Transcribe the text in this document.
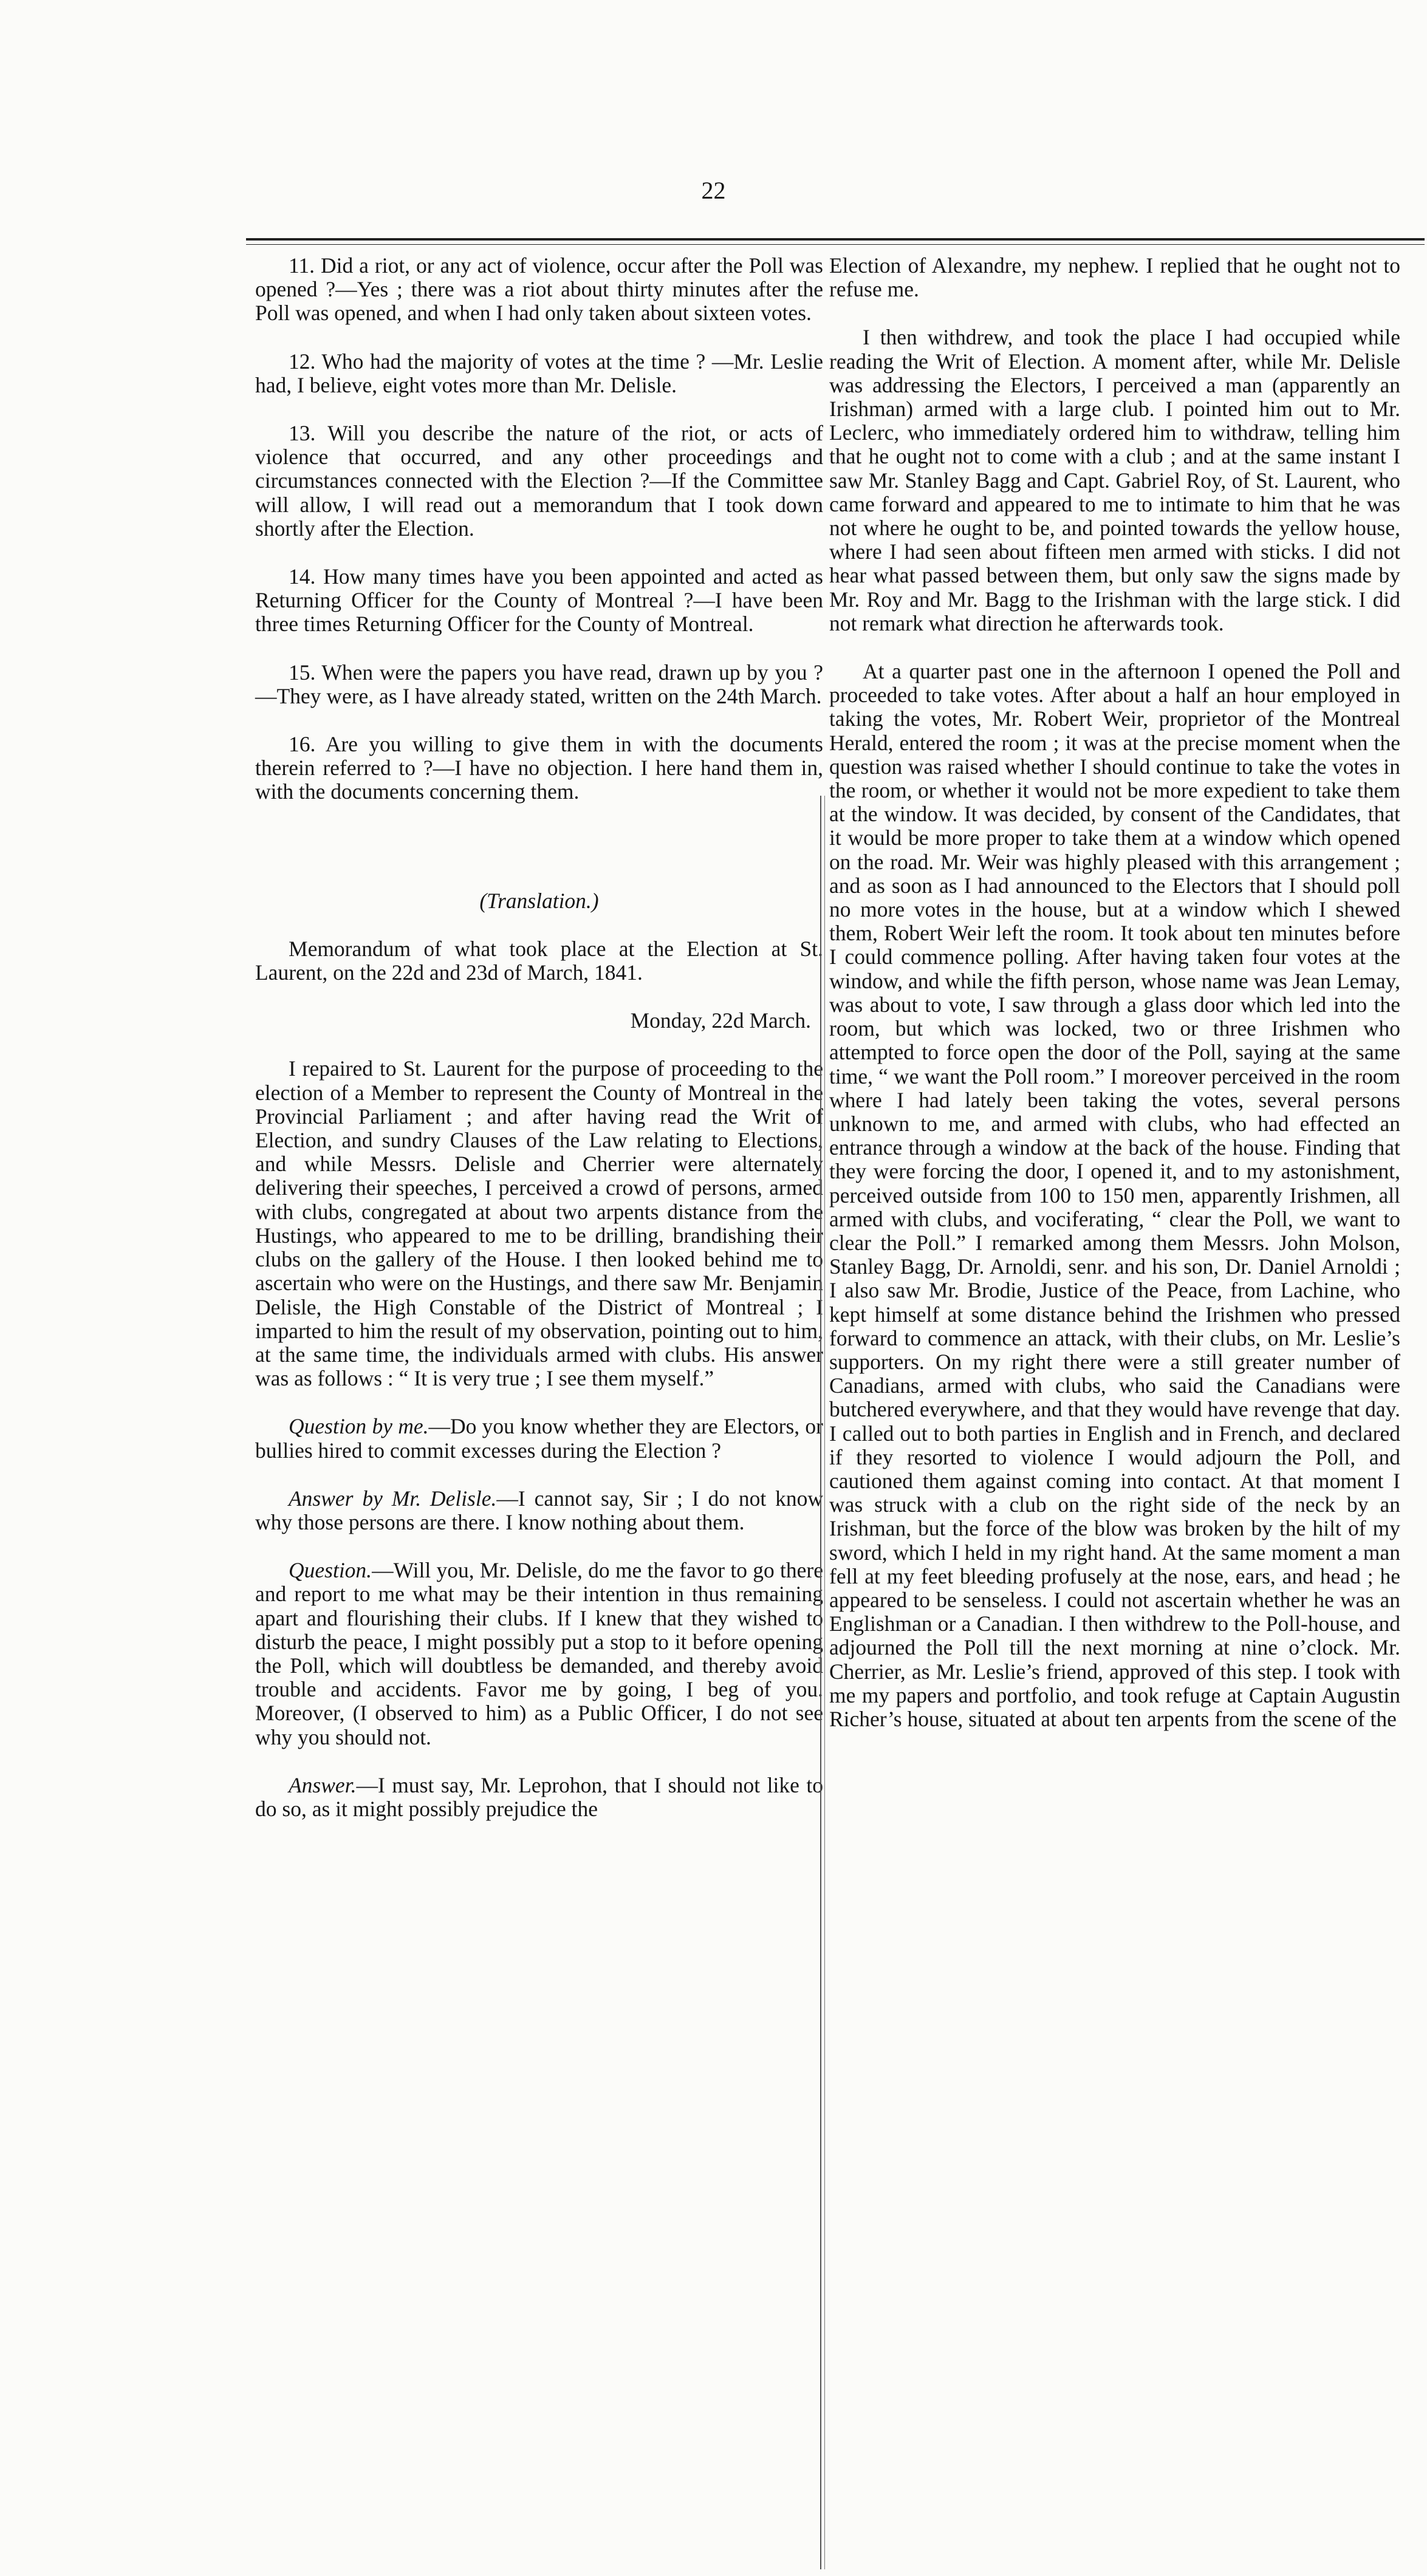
22

11. Did a riot, or any act of violence, occur after the Poll was opened ?—Yes ; there was a riot about thirty minutes after the Poll was opened, and when I had only taken about sixteen votes.

12. Who had the majority of votes at the time ? —Mr. Leslie had, I believe, eight votes more than Mr. Delisle.

13. Will you describe the nature of the riot, or acts of violence that occurred, and any other proceedings and circumstances connected with the Election ?—If the Committee will allow, I will read out a memorandum that I took down shortly after the Election.

14. How many times have you been appointed and acted as Returning Officer for the County of Montreal ?—I have been three times Returning Officer for the County of Montreal.

15. When were the papers you have read, drawn up by you ?—They were, as I have already stated, written on the 24th March.

16. Are you willing to give them in with the documents therein referred to ?—I have no objection. I here hand them in, with the documents concerning them.

(Translation.)

Memorandum of what took place at the Election at St. Laurent, on the 22d and 23d of March, 1841.

Monday, 22d March.

I repaired to St. Laurent for the purpose of proceeding to the election of a Member to represent the County of Montreal in the Provincial Parliament ; and after having read the Writ of Election, and sundry Clauses of the Law relating to Elections, and while Messrs. Delisle and Cherrier were alternately delivering their speeches, I perceived a crowd of persons, armed with clubs, congregated at about two arpents distance from the Hustings, who appeared to me to be drilling, brandishing their clubs on the gallery of the House. I then looked behind me to ascertain who were on the Hustings, and there saw Mr. Benjamin Delisle, the High Constable of the District of Montreal ; I imparted to him the result of my observation, pointing out to him, at the same time, the individuals armed with clubs. His answer was as follows : “ It is very true ; I see them myself.”

Question by me.—Do you know whether they are Electors, or bullies hired to commit excesses during the Election ?

Answer by Mr. Delisle.—I cannot say, Sir ; I do not know why those persons are there. I know nothing about them.

Question.—Will you, Mr. Delisle, do me the favor to go there and report to me what may be their intention in thus remaining apart and flourishing their clubs. If I knew that they wished to disturb the peace, I might possibly put a stop to it before opening the Poll, which will doubtless be demanded, and thereby avoid trouble and accidents. Favor me by going, I beg of you. Moreover, (I observed to him) as a Public Officer, I do not see why you should not.

Answer.—I must say, Mr. Leprohon, that I should not like to do so, as it might possibly prejudice the

Election of Alexandre, my nephew. I replied that he ought not to refuse me.

I then withdrew, and took the place I had occupied while reading the Writ of Election. A moment after, while Mr. Delisle was addressing the Electors, I perceived a man (apparently an Irishman) armed with a large club. I pointed him out to Mr. Leclerc, who immediately ordered him to withdraw, telling him that he ought not to come with a club ; and at the same instant I saw Mr. Stanley Bagg and Capt. Gabriel Roy, of St. Laurent, who came forward and appeared to me to intimate to him that he was not where he ought to be, and pointed towards the yellow house, where I had seen about fifteen men armed with sticks. I did not hear what passed between them, but only saw the signs made by Mr. Roy and Mr. Bagg to the Irishman with the large stick. I did not remark what direction he afterwards took.

At a quarter past one in the afternoon I opened the Poll and proceeded to take votes. After about a half an hour employed in taking the votes, Mr. Robert Weir, proprietor of the Montreal Herald, entered the room ; it was at the precise moment when the question was raised whether I should continue to take the votes in the room, or whether it would not be more expedient to take them at the window. It was decided, by consent of the Candidates, that it would be more proper to take them at a window which opened on the road. Mr. Weir was highly pleased with this arrangement ; and as soon as I had announced to the Electors that I should poll no more votes in the house, but at a window which I shewed them, Robert Weir left the room. It took about ten minutes before I could commence polling. After having taken four votes at the window, and while the fifth person, whose name was Jean Lemay, was about to vote, I saw through a glass door which led into the room, but which was locked, two or three Irishmen who attempted to force open the door of the Poll, saying at the same time, “ we want the Poll room.” I moreover perceived in the room where I had lately been taking the votes, several persons unknown to me, and armed with clubs, who had effected an entrance through a window at the back of the house. Finding that they were forcing the door, I opened it, and to my astonishment, perceived outside from 100 to 150 men, apparently Irishmen, all armed with clubs, and vociferating, “ clear the Poll, we want to clear the Poll.” I remarked among them Messrs. John Molson, Stanley Bagg, Dr. Arnoldi, senr. and his son, Dr. Daniel Arnoldi ; I also saw Mr. Brodie, Justice of the Peace, from Lachine, who kept himself at some distance behind the Irishmen who pressed forward to commence an attack, with their clubs, on Mr. Leslie’s supporters. On my right there were a still greater number of Canadians, armed with clubs, who said the Canadians were butchered everywhere, and that they would have revenge that day. I called out to both parties in English and in French, and declared if they resorted to violence I would adjourn the Poll, and cautioned them against coming into contact. At that moment I was struck with a club on the right side of the neck by an Irishman, but the force of the blow was broken by the hilt of my sword, which I held in my right hand. At the same moment a man fell at my feet bleeding profusely at the nose, ears, and head ; he appeared to be senseless. I could not ascertain whether he was an Englishman or a Canadian. I then withdrew to the Poll-house, and adjourned the Poll till the next morning at nine o’clock. Mr. Cherrier, as Mr. Leslie’s friend, approved of this step. I took with me my papers and portfolio, and took refuge at Captain Augustin Richer’s house, situated at about ten arpents from the scene of the
